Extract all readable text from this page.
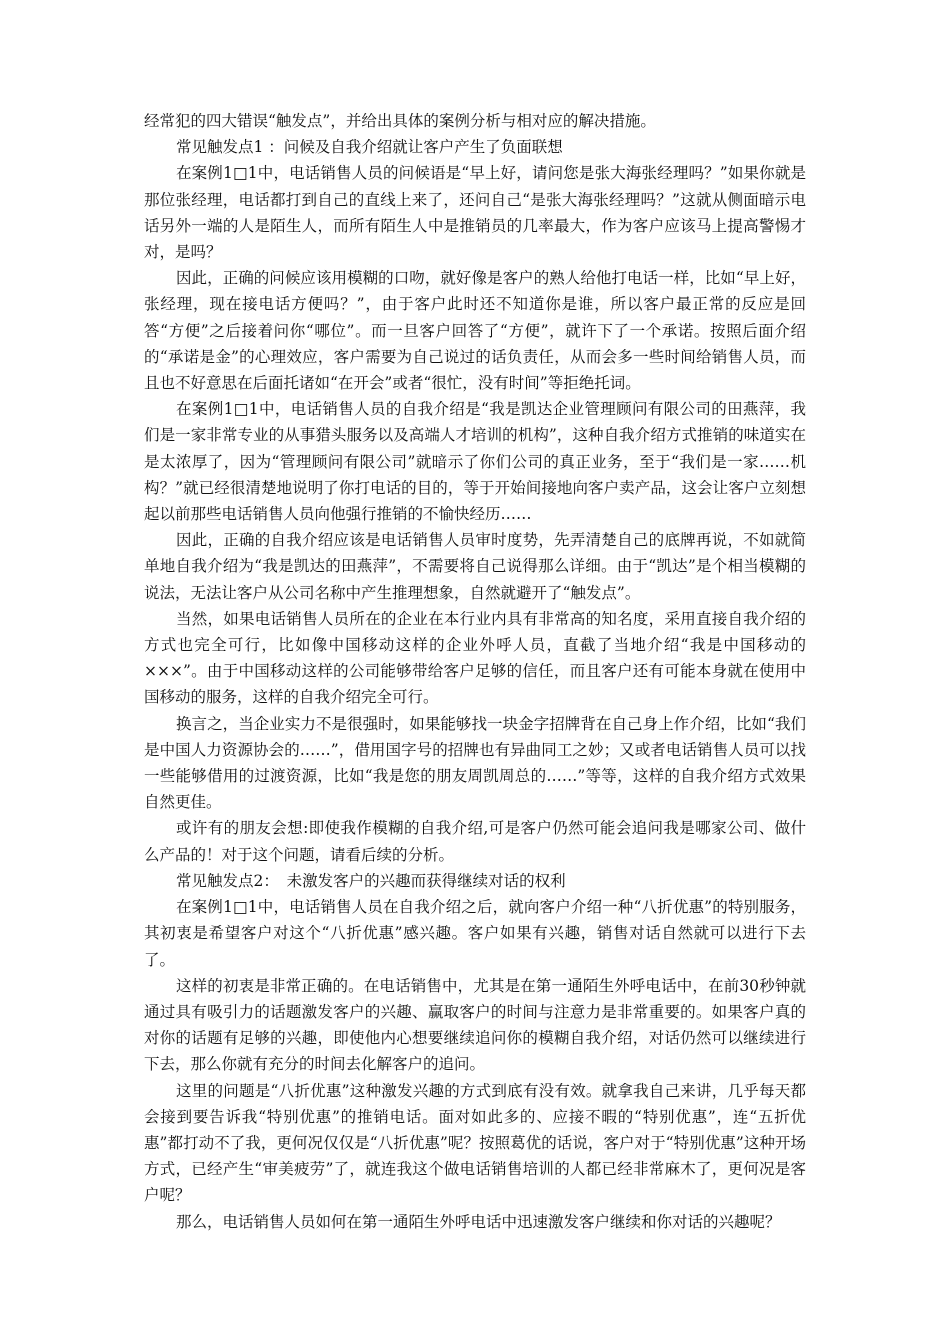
经常犯的四大错误“触发点”，并给出具体的案例分析与相对应的解决措施。

常见触发点1 ：问候及自我介绍就让客户产生了负面联想

在案例1□1中，电话销售人员的问候语是“早上好，请问您是张大海张经理吗？”如果你就是那位张经理，电话都打到自己的直线上来了，还问自己“是张大海张经理吗？”这就从侧面暗示电话另外一端的人是陌生人，而所有陌生人中是推销员的几率最大，作为客户应该马上提高警惕才对，是吗？

因此，正确的问候应该用模糊的口吻，就好像是客户的熟人给他打电话一样，比如“早上好，张经理，现在接电话方便吗？”，由于客户此时还不知道你是谁，所以客户最正常的反应是回答“方便”之后接着问你“哪位”。而一旦客户回答了“方便”，就许下了一个承诺。按照后面介绍的“承诺是金”的心理效应，客户需要为自己说过的话负责任，从而会多一些时间给销售人员，而且也不好意思在后面托诸如“在开会”或者“很忙，没有时间”等拒绝托词。

在案例1□1中，电话销售人员的自我介绍是“我是凯达企业管理顾问有限公司的田燕萍，我们是一家非常专业的从事猎头服务以及高端人才培训的机构”，这种自我介绍方式推销的味道实在是太浓厚了，因为“管理顾问有限公司”就暗示了你们公司的真正业务，至于“我们是一家……机构？”就已经很清楚地说明了你打电话的目的，等于开始间接地向客户卖产品，这会让客户立刻想起以前那些电话销售人员向他强行推销的不愉快经历……

因此，正确的自我介绍应该是电话销售人员审时度势，先弄清楚自己的底牌再说，不如就简单地自我介绍为“我是凯达的田燕萍”，不需要将自己说得那么详细。由于“凯达”是个相当模糊的说法，无法让客户从公司名称中产生推理想象，自然就避开了“触发点”。

当然，如果电话销售人员所在的企业在本行业内具有非常高的知名度，采用直接自我介绍的方式也完全可行，比如像中国移动这样的企业外呼人员，直截了当地介绍“我是中国移动的×××”。由于中国移动这样的公司能够带给客户足够的信任，而且客户还有可能本身就在使用中国移动的服务，这样的自我介绍完全可行。

换言之，当企业实力不是很强时，如果能够找一块金字招牌背在自己身上作介绍，比如“我们是中国人力资源协会的……”，借用国字号的招牌也有异曲同工之妙；又或者电话销售人员可以找一些能够借用的过渡资源，比如“我是您的朋友周凯周总的……”等等，这样的自我介绍方式效果自然更佳。

或许有的朋友会想:即使我作模糊的自我介绍,可是客户仍然可能会追问我是哪家公司、做什么产品的！对于这个问题，请看后续的分析。

常见触发点2：　未激发客户的兴趣而获得继续对话的权利

在案例1□1中，电话销售人员在自我介绍之后，就向客户介绍一种“八折优惠”的特别服务，其初衷是希望客户对这个“八折优惠”感兴趣。客户如果有兴趣，销售对话自然就可以进行下去了。

这样的初衷是非常正确的。在电话销售中，尤其是在第一通陌生外呼电话中，在前30秒钟就通过具有吸引力的话题激发客户的兴趣、赢取客户的时间与注意力是非常重要的。如果客户真的对你的话题有足够的兴趣，即使他内心想要继续追问你的模糊自我介绍，对话仍然可以继续进行下去，那么你就有充分的时间去化解客户的追问。

这里的问题是“八折优惠”这种激发兴趣的方式到底有没有效。就拿我自己来讲，几乎每天都会接到要告诉我“特别优惠”的推销电话。面对如此多的、应接不暇的“特别优惠”，连“五折优惠”都打动不了我，更何况仅仅是“八折优惠”呢？按照葛优的话说，客户对于“特别优惠”这种开场方式，已经产生“审美疲劳”了，就连我这个做电话销售培训的人都已经非常麻木了，更何况是客户呢？

那么，电话销售人员如何在第一通陌生外呼电话中迅速激发客户继续和你对话的兴趣呢？
